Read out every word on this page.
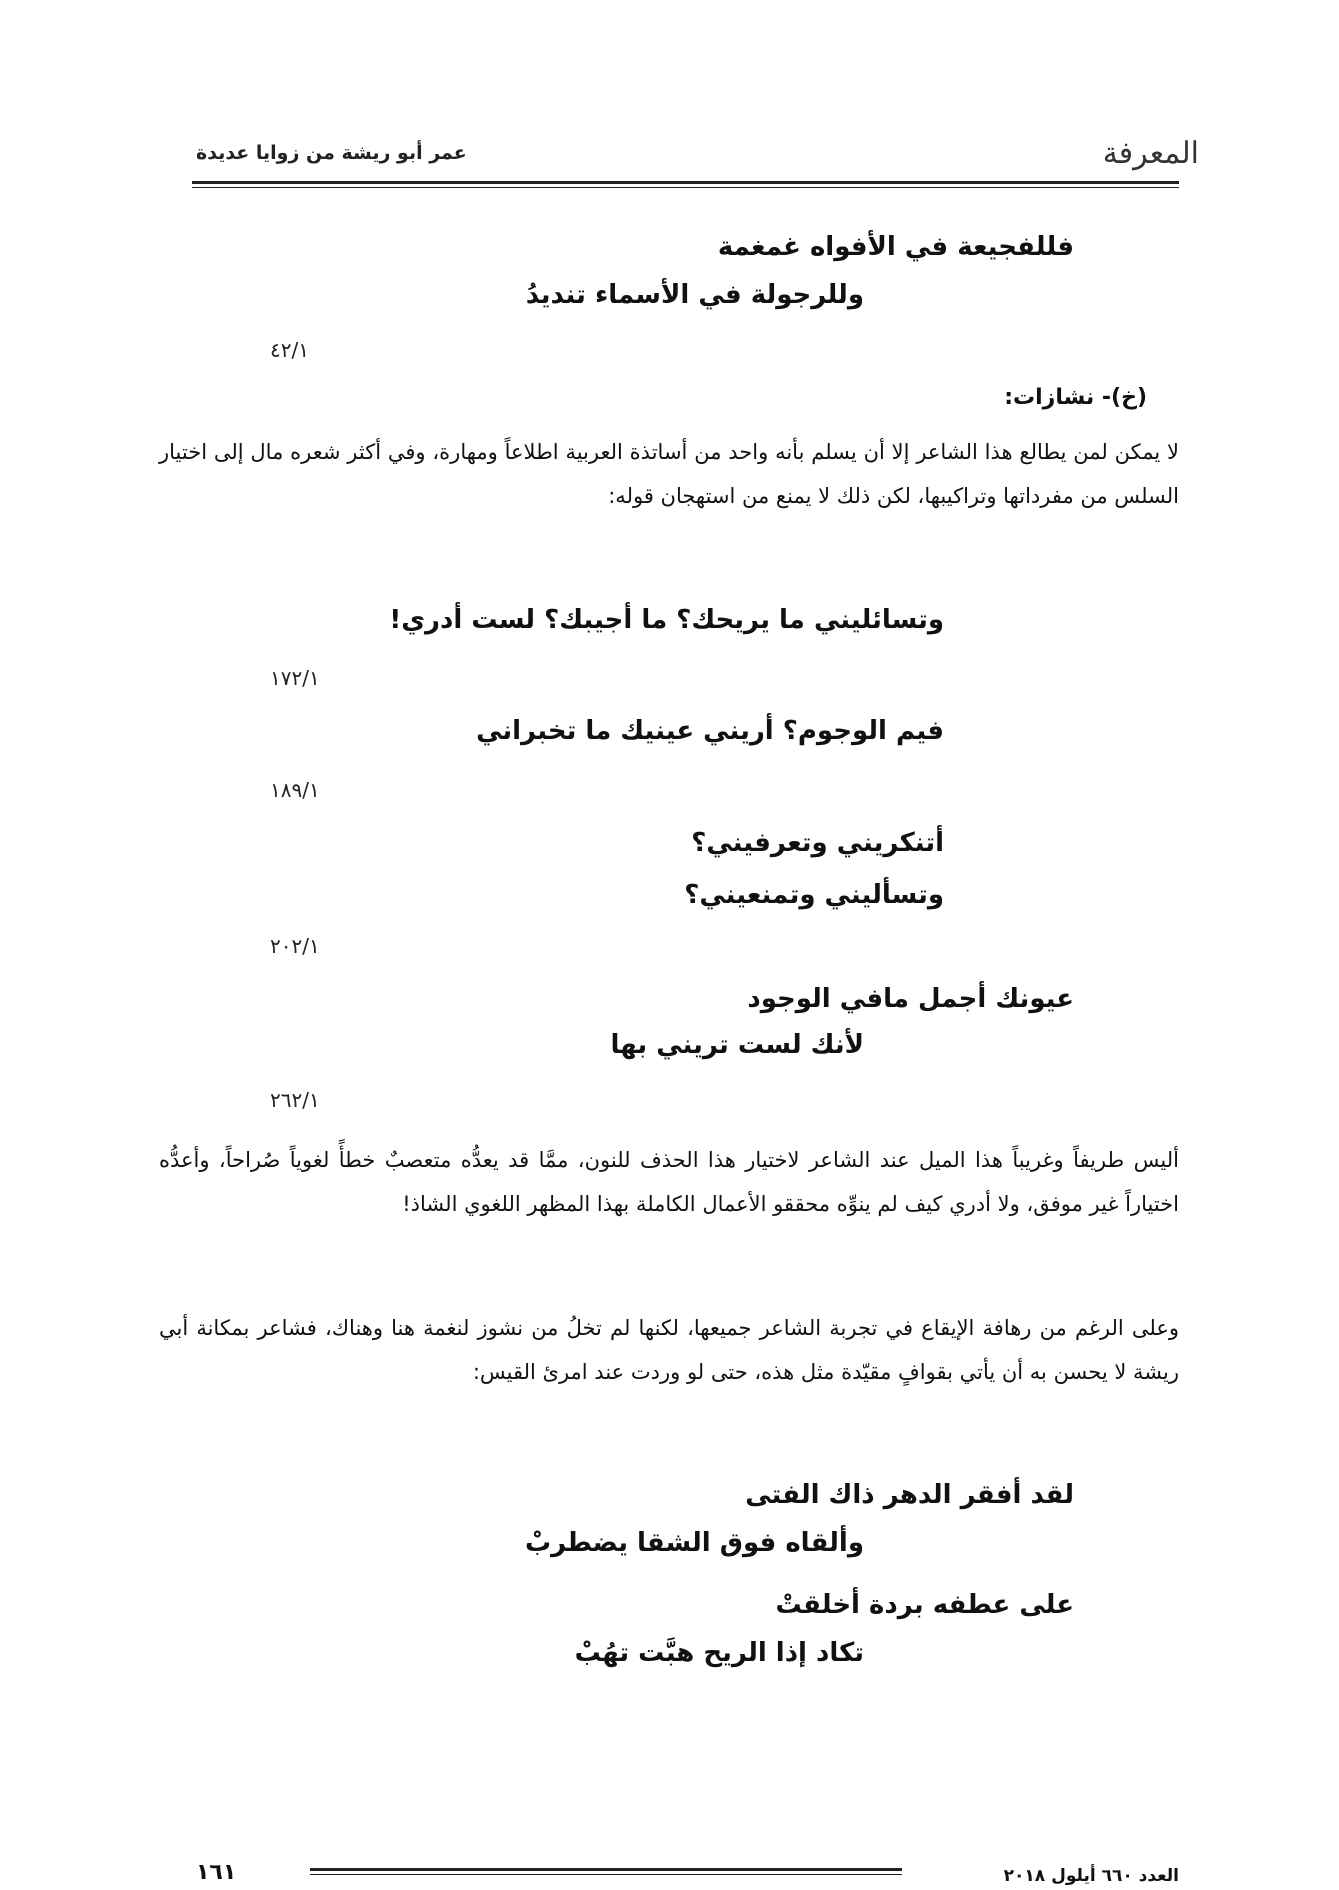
المعرفة
عمر أبو ريشة من زوايا عديدة
فللفجيعة في الأفواه غمغمة
وللرجولة في الأسماء تنديدُ
٤٢/١
(خ)- نشازات:

لا يمكن لمن يطالع هذا الشاعر إلا أن يسلم بأنه واحد من أساتذة العربية اطلاعاً ومهارة، وفي أكثر شعره مال إلى اختيار السلس من مفرداتها وتراكيبها، لكن ذلك لا يمنع من استهجان قوله:

وتسائليني ما يريحك؟ ما أجيبك؟ لست أدري!
١٧٢/١
فيم الوجوم؟ أريني عينيك ما تخبراني
١٨٩/١
أتنكريني وتعرفيني؟
وتسأليني وتمنعيني؟
٢٠٢/١
عيونك أجمل مافي الوجود
لأنك لست تريني بها
٢٦٢/١

أليس طريفاً وغريباً هذا الميل عند الشاعر لاختيار هذا الحذف للنون، ممَّا قد يعدُّه متعصبٌ خطأً لغوياً صُراحاً، وأعدُّه اختياراً غير موفق، ولا أدري كيف لم ينوِّه محققو الأعمال الكاملة بهذا المظهر اللغوي الشاذ!

وعلى الرغم من رهافة الإيقاع في تجربة الشاعر جميعها، لكنها لم تخلُ من نشوز لنغمة هنا وهناك، فشاعر بمكانة أبي ريشة لا يحسن به أن يأتي بقوافٍ مقيّدة مثل هذه، حتى لو وردت عند امرئ القيس:

لقد أفقر الدهر ذاك الفتى
وألقاه فوق الشقا يضطربْ
على عطفه بردة أخلقتْ
تكاد إذا الريح هبَّت تهُبْ
العدد ٦٦٠ أيلول ٢٠١٨
١٦١
